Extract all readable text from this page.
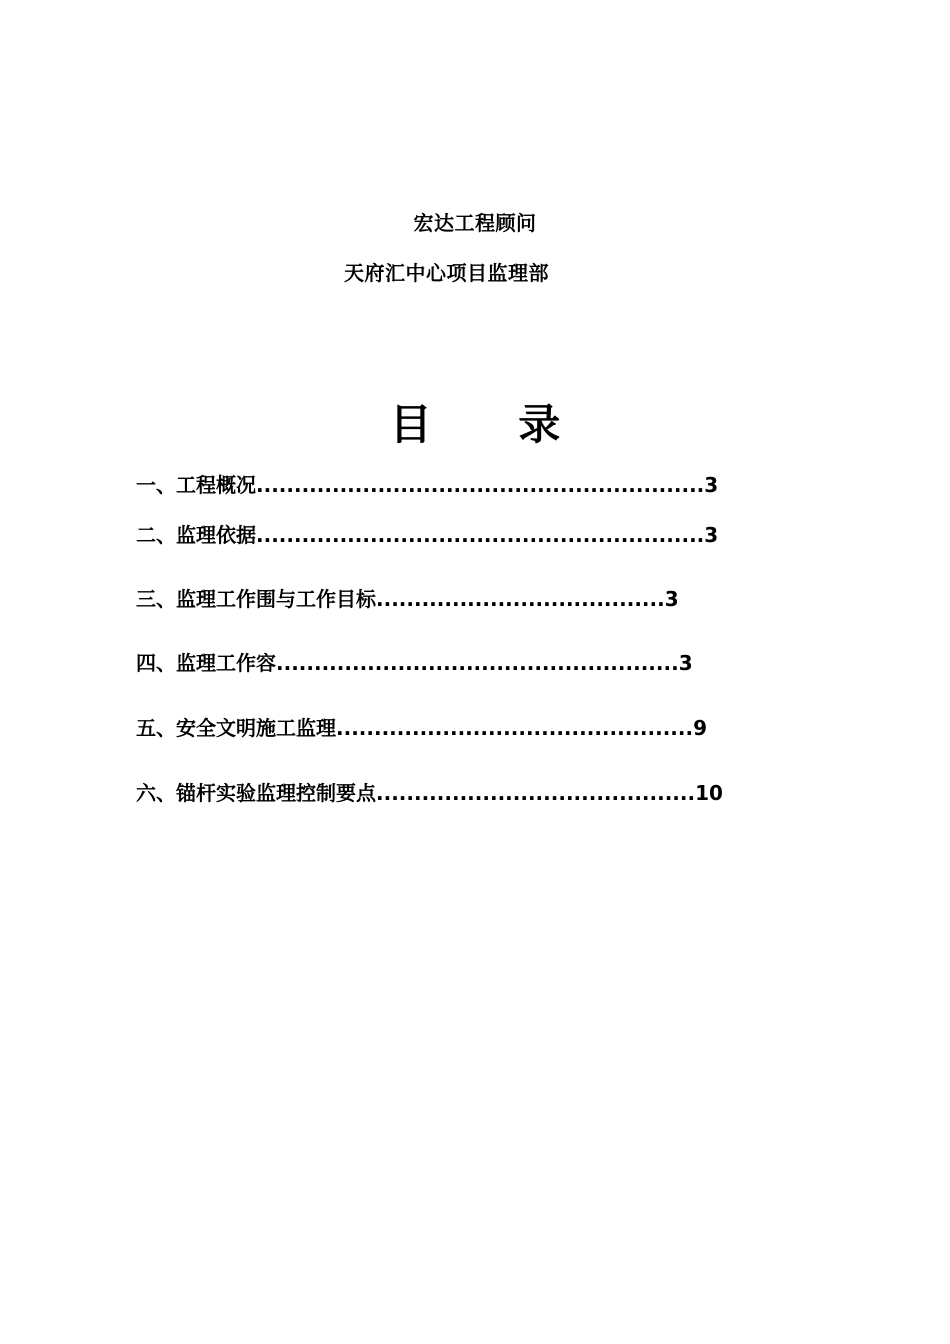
宏达工程顾问
天府汇中心项目监理部
目 录
一、工程概况...........................................................3
二、监理依据...........................................................3
三、监理工作围与工作目标......................................3
四、监理工作容.....................................................3
五、安全文明施工监理...............................................9
六、锚杆实验监理控制要点..........................................10
